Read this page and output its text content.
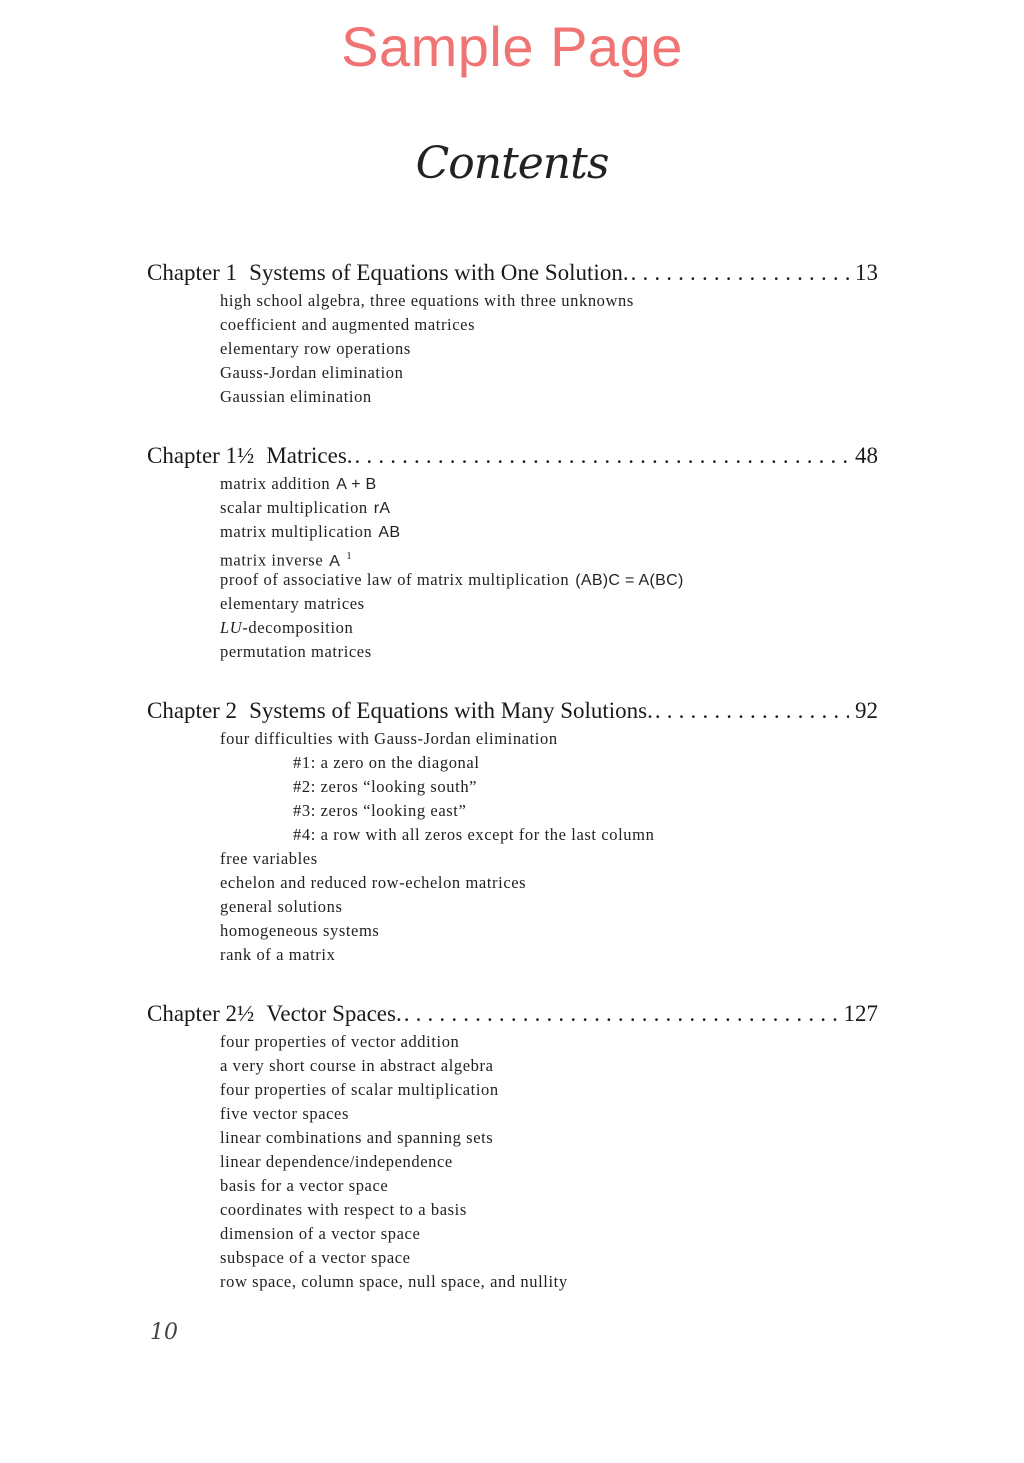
Sample Page
Contents
Chapter 1 Systems of Equations with One Solution. . . .	13
high school algebra, three equations with three unknowns
coefficient and augmented matrices
elementary row operations
Gauss-Jordan elimination
Gaussian elimination
Chapter 1½ Matrices. . . .	48
matrix addition A + B
scalar multiplication rA
matrix multiplication AB
matrix inverse A $^1$
proof of associative law of matrix multiplication (AB)C = A(BC)
elementary matrices
LU-decomposition
permutation matrices
Chapter 2 Systems of Equations with Many Solutions. . . .	92
four difficulties with Gauss-Jordan elimination
#1: a zero on the diagonal
#2: zeros “looking south”
#3: zeros “looking east”
#4: a row with all zeros except for the last column
free variables
echelon and reduced row-echelon matrices
general solutions
homogeneous systems
rank of a matrix
Chapter 2½ Vector Spaces. . . .	127
four properties of vector addition
a very short course in abstract algebra
four properties of scalar multiplication
five vector spaces
linear combinations and spanning sets
linear dependence/independence
basis for a vector space
coordinates with respect to a basis
dimension of a vector space
subspace of a vector space
row space, column space, null space, and nullity
10
